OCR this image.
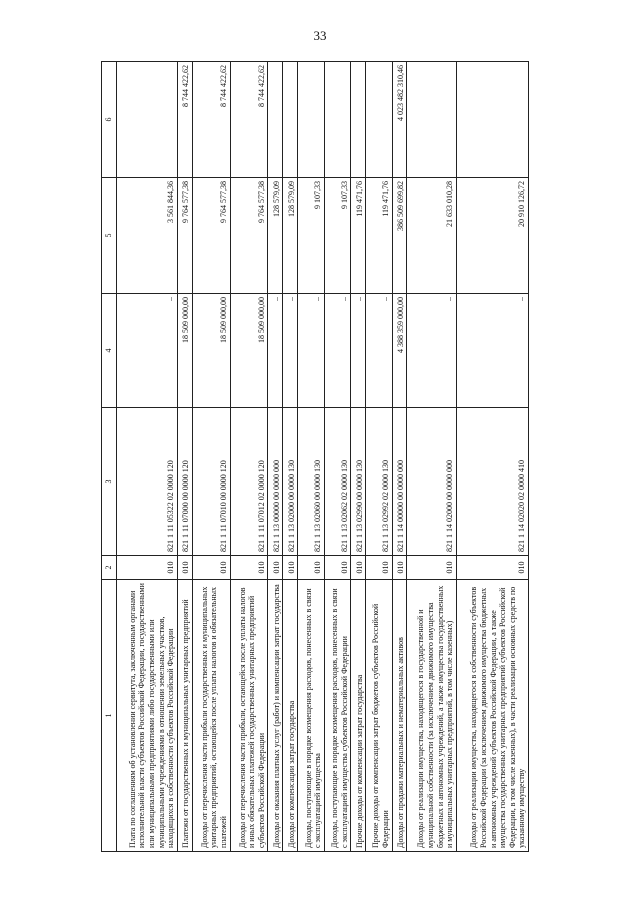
33
1	2	3	4	5	6
Плата по соглашениям об установлении сервитута, заключенным органами исполнительной власти субъектов Российской Федерации, государственными или муниципальными предприятиями либо государственными или муниципальными учреждениями в отношении земельных участков, находящихся в собственности субъектов Российской Федерации	010	821 1 11 05322 02 0000 120	–	3 561 844,36	
Платежи от государственных и муниципальных унитарных предприятий	010	821 1 11 07000 00 0000 120	18 509 000,00	9 764 577,38	8 744 422,62
Доходы от перечисления части прибыли государственных и муниципальных унитарных предприятий, остающейся после уплаты налогов и обязательных платежей	010	821 1 11 07010 00 0000 120	18 509 000,00	9 764 577,38	8 744 422,62
Доходы от перечисления части прибыли, остающейся после уплаты налогов и иных обязательных платежей государственных унитарных предприятий субъектов Российской Федерации	010	821 1 11 07012 02 0000 120	18 509 000,00	9 764 577,38	8 744 422,62
Доходы от оказания платных услуг (работ) и компенсации затрат государства	010	821 1 13 00000 00 0000 000	–	128 579,09	
Доходы от компенсации затрат государства	010	821 1 13 02000 00 0000 130	–	128 579,09	
Доходы, поступающие в порядке возмещения расходов, понесенных в связи с эксплуатацией имущества	010	821 1 13 02060 00 0000 130	–	9 107,33	
Доходы, поступающие в порядке возмещения расходов, понесенных в связи с эксплуатацией имущества субъектов Российской Федерации	010	821 1 13 02062 02 0000 130	–	9 107,33	
Прочие доходы от компенсации затрат государства	010	821 1 13 02990 00 0000 130	–	119 471,76	
Прочие доходы от компенсации затрат бюджетов субъектов Российской Федерации	010	821 1 13 02992 02 0000 130	–	119 471,76	
Доходы от продажи материальных и нематериальных активов	010	821 1 14 00000 00 0000 000	4 388 359 000,00	386 509 699,82	4 023 482 310,46
Доходы от реализации имущества, находящегося в государственной и муниципальной собственности (за исключением движимого имущества бюджетных и автономных учреждений, а также имущества государственных и муниципальных унитарных предприятий, в том числе казенных)	010	821 1 14 02000 00 0000 000	–	21 633 010,28	
Доходы от реализации имущества, находящегося в собственности субъектов Российской Федерации (за исключением движимого имущества бюджетных и автономных учреждений субъектов Российской Федерации, а также имущества государственных унитарных предприятий субъектов Российской Федерации, в том числе казенных), в части реализации основных средств по указанному имуществу	010	821 1 14 02020 02 0000 410	–	20 910 126,72	
